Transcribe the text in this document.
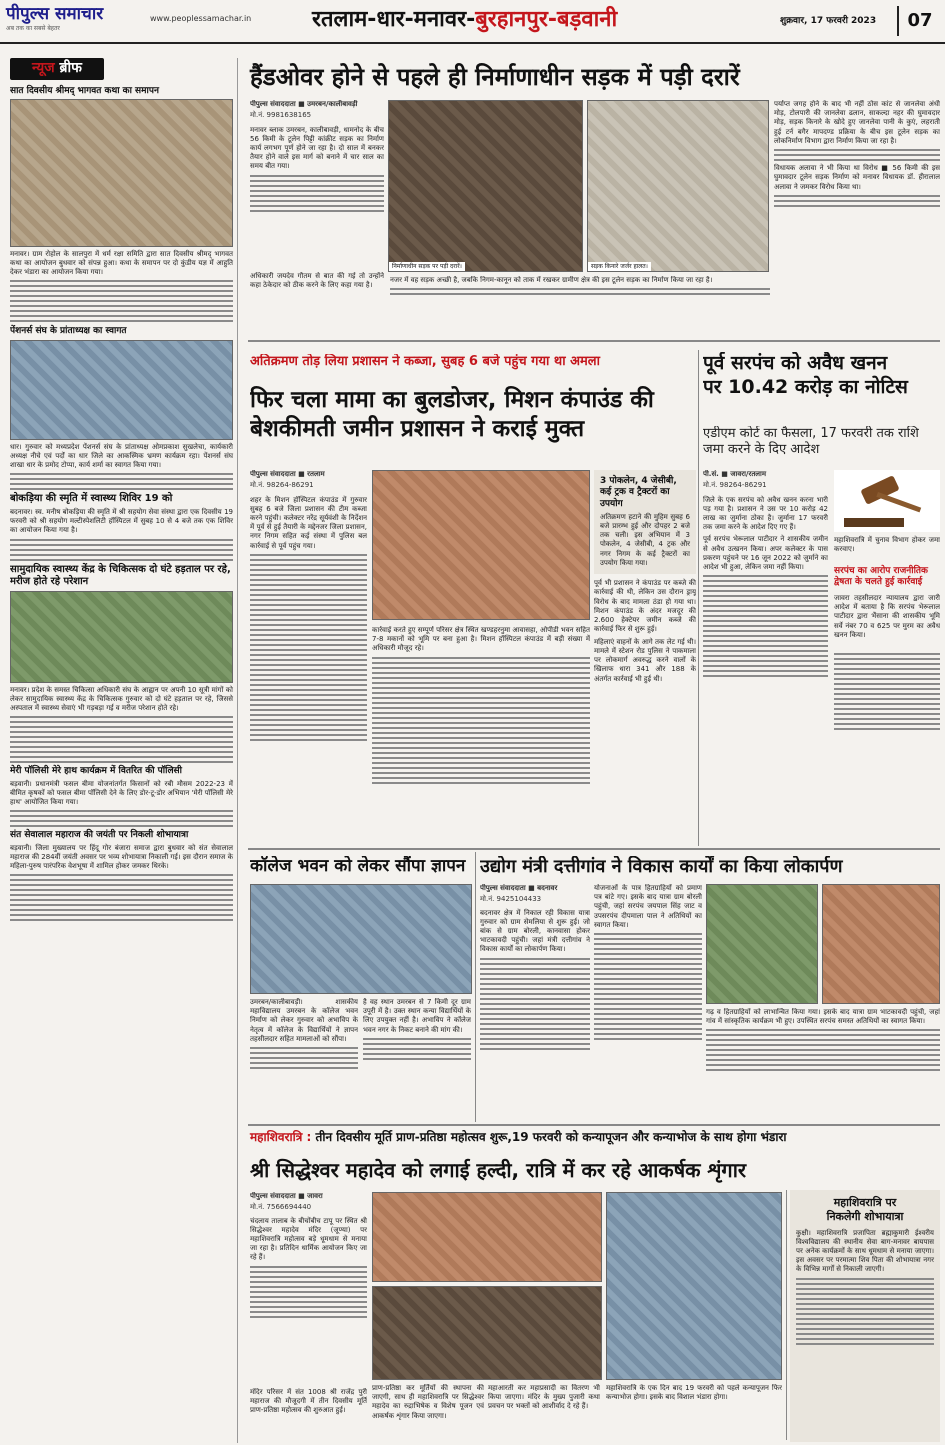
पीपुल्स समाचार
अब तक का सबसे बेहतर
www.peoplessamachar.in	रतलाम-धार-मनावर-बुरहानपुर-बड़वानी	शुक्रवार, 17 फरवरी 2023	07
न्यूज ब्रीफ
सात दिवसीय श्रीमद् भागवत कथा का समापन
मनावर। ग्राम रोहोल के सालपुरा में धर्म रक्षा समिति द्वारा सात दिवसीय श्रीमद् भागवत कथा का आयोजन बुधवार को संपन्न हुआ। कथा के समापन पर दो कुंडीय यज्ञ में आहुति देकर भंडारा का आयोजन किया गया।
पेंशनर्स संघ के प्रांताध्यक्ष का स्वागत
धार। गुरुवार को मध्यप्रदेश पेंशनर्स संघ के प्रांताध्यक्ष ओमप्रकाश सुखलेचा, कार्यकारी अध्यक्ष नीचे एवं पदोंं का धार जिले का आकस्मिक भ्रमण कार्यक्रम रहा। पेंशनर्स संघ शाखा धार के प्रमोद टोप्पा, कार्य शर्मा का स्वागत किया गया।
बोकड़िया की स्मृति में स्वास्थ्य शिविर 19 को
बदनावर। स्व. मनीष बोकड़िया की स्मृति में श्री सहयोग सेवा संस्था द्वारा एक दिवसीय 19 फरवरी को श्री सहयोग मल्टीस्पेशलिटी हॉस्पिटल में सुबह 10 से 4 बजे तक एक शिविर का आयोजन किया गया है।
सामुदायिक स्वास्थ्य केंद्र के चिकित्सक दो घंटे हड़ताल पर रहे, मरीज होते रहे परेशान
मनावर। प्रदेश के समस्त चिकित्सा अधिकारी संघ के आह्वान पर अपनी 10 सूत्री मांगों को लेकर सामुदायिक स्वास्थ्य केंद्र के चिकित्सक गुरुवार को दो घंटे हड़ताल पर रहे, जिससे अस्पताल में स्वास्थ्य सेवाएं भी गड़बड़ा गई व मरीज परेशान होते रहे।
मेरी पॉलिसी मेरे हाथ कार्यक्रम में वितरित की पॉलिसी
बड़वानी। प्रधानमंत्री फसल बीमा योजनांतर्गत किसानों को रबी मौसम 2022-23 में बीमित कृषकों को फसल बीमा पॉलिसी देने के लिए डोर-टू-डोर अभियान 'मेरी पॉलिसी मेरे हाथ' आयोजित किया गया।
संत सेवालाल महाराज की जयंती पर निकली शोभायात्रा
बड़वानी। जिला मुख्यालय पर हिंदू गोर बंजारा समाज द्वारा बुधवार को संत सेवालाल महाराज की 284वीं जयंती अवसर पर भव्य शोभायात्रा निकाली गई। इस दौरान समाज के महिला-पुरुष पारंपरिक वेशभूषा में शामिल होकर जमकर थिरके।
हैंडओवर होने से पहले ही निर्माणाधीन सड़क में पड़ी दरारें
पीपुल्स संवाददाता ■ उमरबन/कालीबावड़ी
मो.नं. 9981638165
मनावर ब्लाक उमरबन, कालीबावड़ी, धामनोद के बीच 56 किमी के टूलेन पिट्टी कांक्रीट सड़क का निर्माण कार्य लगभग पूर्ण होने जा रहा है। दो साल में बनकर तैयार होने वाले इस मार्ग को बनाने में चार साल का समय बीत गया।
निर्माणाधीन सड़क पर पड़ी दरारें।	सड़क किनारे जर्जर हालत।
पर्याप्त जगह होने के बाद भी नहीं ठोस कांट से जानलेवा अंधी मोड़, टोलपारी की जानलेवा ढलान, साकल्दा नहर की घुमावदार मोड़, सड़क किनारे के खोदे हुए जानलेवा पानी के कुएं, लहराती हुई टर्न बगैर मापदण्ड प्रक्रिया के बीच इस टूलेन सड़क का लोकनिर्माण विभाग द्वारा निर्माण किया जा रहा है।
विधायक अलावा ने भी किया था विरोध ■ 56 किमी की इस घुमावदार टूलेन सड़क निर्माण को मनावर विधायक डॉ. हीरालाल अलावा ने जमकर विरोध किया था।
अधिकारी जयदेव गौतम से बात की गई तो उन्होंने कहा ठेकेदार को ठीक करने के लिए कहा गया है।
नजर में वह सड़क अच्छी है, जबकि निगम-कानून को ताक में रखकर ग्रामीण क्षेत्र की इस टूलेन सड़क का निर्माण किया जा रहा है।
अतिक्रमण तोड़ लिया प्रशासन ने कब्जा, सुबह 6 बजे पहुंच गया था अमला
फिर चला मामा का बुलडोजर, मिशन कंपाउंड की बेशकीमती जमीन प्रशासन ने कराई मुक्त
पीपुल्स संवाददाता ■ रतलाम
मो.नं. 98264-86291
शहर के मिशन हॉस्पिटल कंपाउंड में गुरुवार सुबह 6 बजे जिला प्रशासन की टीम कब्जा करने पहुंची। कलेक्टर नरेंद्र सूर्यवंशी के निर्देशन में पूर्व से हुई तैयारी के मद्देनजर जिला प्रशासन, नगर निगम सहित कई संस्था में पुलिस बल कार्रवाई से पूर्व पहुंच गया।
कार्रवाई करते हुए सम्पूर्ण परिसर क्षेत्र स्थित खण्डहरनुमा आवासहा, ओपीडी भवन सहित 7-8 मकानों को भूमि पर बना हुआ है। मिशन हॉस्पिटल कंपाउंड में बड़ी संख्या में अधिकारी मौजूद रहे।
3 पोकलेन, 4 जेसीबी, कई ट्रक व ट्रैक्टरों का उपयोग
अतिक्रमण हटाने की मुहिम सुबह 6 बजे प्रारम्भ हुई और दोपहर 2 बजे तक चली। इस अभियान में 3 पोकलेन, 4 जेसीबी, 4 ट्रक और नगर निगम के कई ट्रैक्टरों का उपयोग किया गया।
पूर्व भी प्रशासन ने कंपाउंड पर कब्जे की कार्रवाई की थी, लेकिन उस दौरान ड्रायू विरोध के बाद मामला ठंडा हो गया था। मिशन कंपाउंड के अंदर मजदूर की 2.600 हेक्टेयर जमीन कब्जे की कार्रवाई फिर से शुरू हुई।
महिलाएं वाहनों के आगे तक लेट गई थी। मामले में स्टेशन रोड पुलिस ने पाकमाला पर लोकमार्ग अवरुद्ध करने वालों के खिलाफ धारा 341 और 188 के अंतर्गत कार्रवाई भी हुई थी।
पूर्व सरपंच को अवैध खनन
पर 10.42 करोड़ का नोटिस
एडीएम कोर्ट का फैसला, 17 फरवरी तक राशि जमा करने के दिए आदेश
पी.सं. ■ जावरा/रतलाम
मो.नं. 98264-86291
जिले के एक सरपंच को अवैध खनन करना भारी पड़ गया है। प्रशासन ने उस पर 10 करोड़ 42 लाख का जुर्माना ठोका है। जुर्माना 17 फरवरी तक जमा करने के आदेश दिए गए हैं।
पूर्व सरपंच भेरूलाल पाटीदार ने शासकीय जमीन से अवैध उत्खनन किया। अपर कलेक्टर के पास प्रकरण पहुंचने पर 16 जून 2022 को जुर्माने का आदेश भी हुआ, लेकिन जमा नहीं किया।
महाशिवरात्रि में चुनाव विभाग होकर जमा करवाए।
सरपंच का आरोप राजनीतिक द्वेषता के चलते हुई कार्रवाई
जावरा तहसीलदार न्यायालय द्वारा जारी आदेश में बताया है कि सरपंच भेरूलाल पाटीदार द्वारा भैंसाना की शासकीय भूमि सर्वे नंबर 70 व 625 पर मुरम का अवैध खनन किया।
कॉलेज भवन को लेकर सौंपा ज्ञापन
उमरबन/कालीबावड़ी। शासकीय महाविद्यालय उमरबन के कॉलेज भवन निर्माण को लेकर गुरुवार को अभाविप के नेतृत्व में कॉलेज के विद्यार्थियों ने ज्ञापन तहसीलदार सहित मामलाओं को सौंपा।
है वह स्थान उमरबन से 7 किमी दूर ग्राम उपूरी में है। उक्त स्थान कन्या विद्यार्थियों के लिए उपयुक्त नहीं है। अभाविप ने कॉलेज भवन नगर के निकट बनाने की मांग की।
उद्योग मंत्री दत्तीगांव ने विकास कार्यों का किया लोकार्पण
पीपुल्स संवाददाता ■ बदनावर
मो.नं. 9425104433
बदनावर क्षेत्र में निकाल रही विकास यात्रा गुरुवार को ग्राम सेमलिया से शुरू हुई। जो बांक से ग्राम बोरली, कानवासा होकर भाटकावदी पहुंची। जहां मंत्री दत्तीगांव ने विकास कार्यों का लोकार्पण किया।
योजनाओं के पात्र हितग्राहियों को प्रमाण पत्र बांटे गए। इसके बाद यात्रा ग्राम बोरली पहुंची, जहां सरपंच जयपाल सिंह जाट व उपसरपंच दीपमाला पाल ने अतिथियों का स्वागत किया।
गढ़ व हितग्राहियों को लाभान्वित किया गया। इसके बाद यात्रा ग्राम भाटकावदी पहुंची, जहां गांव में सांस्कृतिक कार्यक्रम भी हुए। उपस्थित सरपंच समस्त अतिथियों का स्वागत किया।
महाशिवरात्रि : तीन दिवसीय मूर्ति प्राण-प्रतिष्ठा महोत्सव शुरू,19 फरवरी को कन्यापूजन और कन्याभोज के साथ होगा भंडारा
श्री सिद्धेश्वर महादेव को लगाई हल्दी, रात्रि में कर रहे आकर्षक शृंगार
पीपुल्स संवाददाता ■ जावरा
मो.नं. 7566694440
चंदलाय तालाब के बीचोंबीच टापू पर स्थित श्री सिद्धेश्वर महादेव मंदिर (जूण्या) पर महाशिवरात्रि महोत्सव बड़े धूमधाम से मनाया जा रहा है। प्रतिदिन धार्मिक आयोजन किए जा रहे हैं।
मंदिर परिसर में संत 1008 श्री राजेंद्र पुरी महाराज की मौजूदगी में तीन दिवसीय मूर्ति प्राण-प्रतिष्ठा महोत्सव की शुरुआत हुई।
प्राण-प्रतिष्ठा कर मूर्तियों की स्थापना की जाएगी, साथ ही महाशिवरात्रि पर सिद्धेश्वर महादेव का रुद्राभिषेक व विशेष पूजन एवं आकर्षक शृंगार किया जाएगा।
महाआरती कर महाप्रसादी का वितरण भी किया जाएगा। मंदिर के मुख्य पुजारी कथा प्रवचन पर भक्तों को आशीर्वाद दे रहे हैं।
महाशिवरात्रि के एक दिन बाद 19 फरवरी को पहले कन्यापूजन फिर कन्याभोज होगा। इसके बाद विशाल भंडारा होगा।
महाशिवरात्रि पर
निकलेगी शोभायात्रा
कुक्षी। महाशिवरात्रि प्रजापिता ब्रह्माकुमारी ईश्वरीय विश्वविद्यालय की स्थानीय सेवा बाग-मनावर बायपास पर अनेक कार्यक्रमों के साथ धूमधाम से मनाया जाएगा। इस अवसर पर परमात्मा शिव पिता की शोभायात्रा नगर के विभिन्न मार्गों से निकाली जाएगी।
